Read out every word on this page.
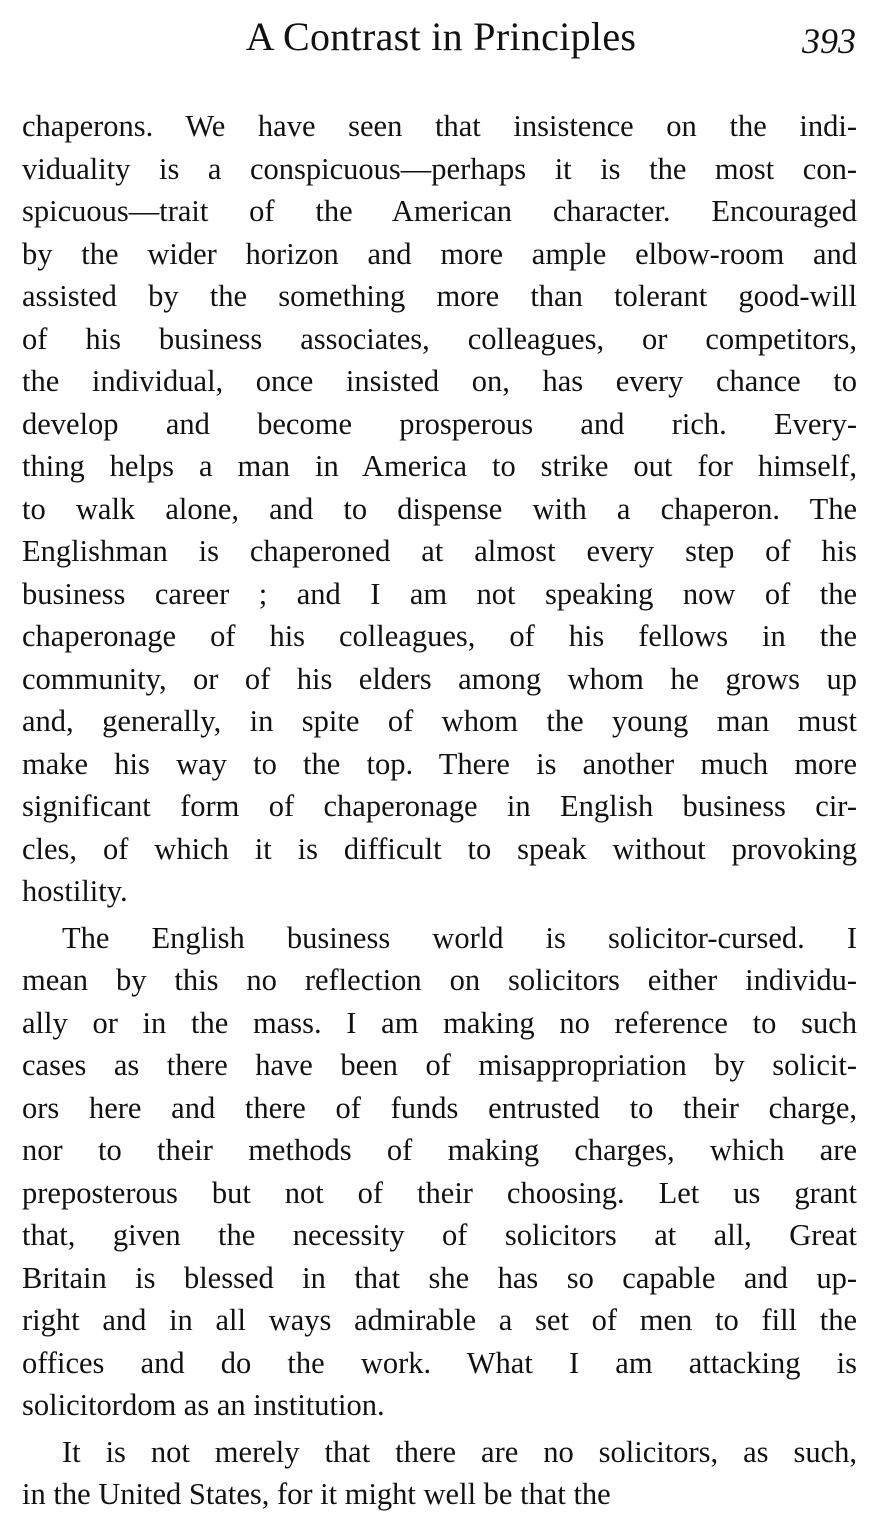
A Contrast in Principles	393
chaperons. We have seen that insistence on the indi-
viduality is a conspicuous—perhaps it is the most con-
spicuous—trait of the American character. Encouraged
by the wider horizon and more ample elbow-room and
assisted by the something more than tolerant good-will
of his business associates, colleagues, or competitors,
the individual, once insisted on, has every chance to
develop and become prosperous and rich. Every-
thing helps a man in America to strike out for himself,
to walk alone, and to dispense with a chaperon. The
Englishman is chaperoned at almost every step of his
business career ; and I am not speaking now of the
chaperonage of his colleagues, of his fellows in the
community, or of his elders among whom he grows up
and, generally, in spite of whom the young man must
make his way to the top. There is another much more
significant form of chaperonage in English business cir-
cles, of which it is difficult to speak without provoking
hostility.
The English business world is solicitor-cursed. I
mean by this no reflection on solicitors either individu-
ally or in the mass. I am making no reference to such
cases as there have been of misappropriation by solicit-
ors here and there of funds entrusted to their charge,
nor to their methods of making charges, which are
preposterous but not of their choosing. Let us grant
that, given the necessity of solicitors at all, Great
Britain is blessed in that she has so capable and up-
right and in all ways admirable a set of men to fill the
offices and do the work. What I am attacking is
solicitordom as an institution.
It is not merely that there are no solicitors, as such,
in the United States, for it might well be that the
